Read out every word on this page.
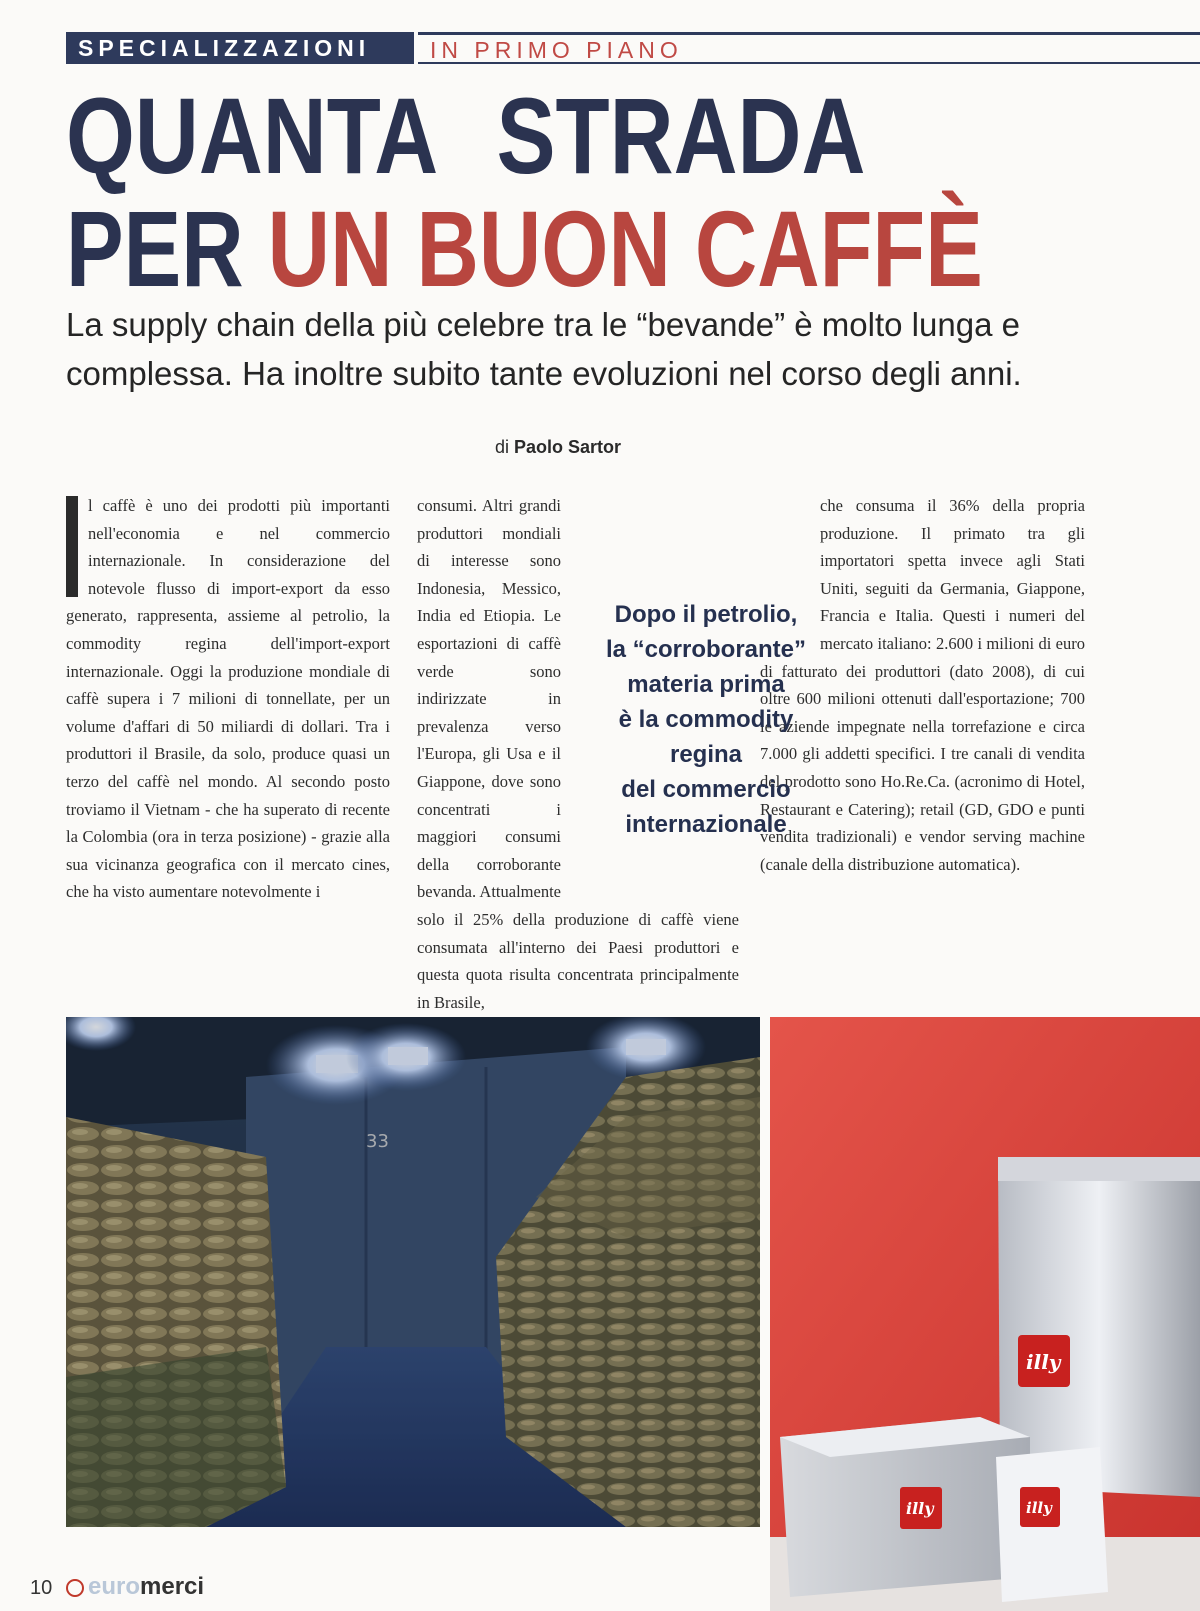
SPECIALIZZAZIONI	IN PRIMO PIANO
QUANTA STRADA
PER UN BUON CAFFÈ
La supply chain della più celebre tra le “bevande” è molto lunga e complessa. Ha inoltre subito tante evoluzioni nel corso degli anni.
di Paolo Sartor
l caffè è uno dei prodotti più importanti nell'economia e nel commercio internazionale. In considerazione del notevole flusso di import-export da esso generato, rappresenta, assieme al petrolio, la commodity regina dell'import-export internazionale. Oggi la produzione mondiale di caffè supera i 7 milioni di tonnellate, per un volume d'affari di 50 miliardi di dollari. Tra i produttori il Brasile, da solo, produce quasi un terzo del caffè nel mondo. Al secondo posto troviamo il Vietnam - che ha superato di recente la Colombia (ora in terza posizione) - grazie alla sua vicinanza geografica con il mercato cines, che ha visto aumentare notevolmente i
consumi. Altri grandi produttori mondiali di interesse sono Indonesia, Messico, India ed Etiopia. Le esportazioni di caffè verde sono indirizzate in prevalenza verso l'Europa, gli Usa e il Giappone, dove sono concentrati i maggiori consumi della corroborante bevanda. Attualmente solo il 25% della produzione di caffè viene consumata all'interno dei Paesi produttori e questa quota risulta concentrata principalmente in Brasile,
che consuma il 36% della propria produzione. Il primato tra gli importatori spetta invece agli Stati Uniti, seguiti da Germania, Giappone, Francia e Italia. Questi i numeri del mercato italiano: 2.600 i milioni di euro di fatturato dei produttori (dato 2008), di cui oltre 600 milioni ottenuti dall'esportazione; 700 le aziende impegnate nella torrefazione e circa 7.000 gli addetti specifici. I tre canali di vendita del prodotto sono Ho.Re.Ca. (acronimo di Hotel, Restaurant e Catering); retail (GD, GDO e punti vendita tradizionali) e vendor serving machine (canale della distribuzione automatica).
Dopo il petrolio,
la “corroborante”
materia prima
è la commodity
regina
del commercio
internazionale
33
illy
illy	illy
10	euromerci
